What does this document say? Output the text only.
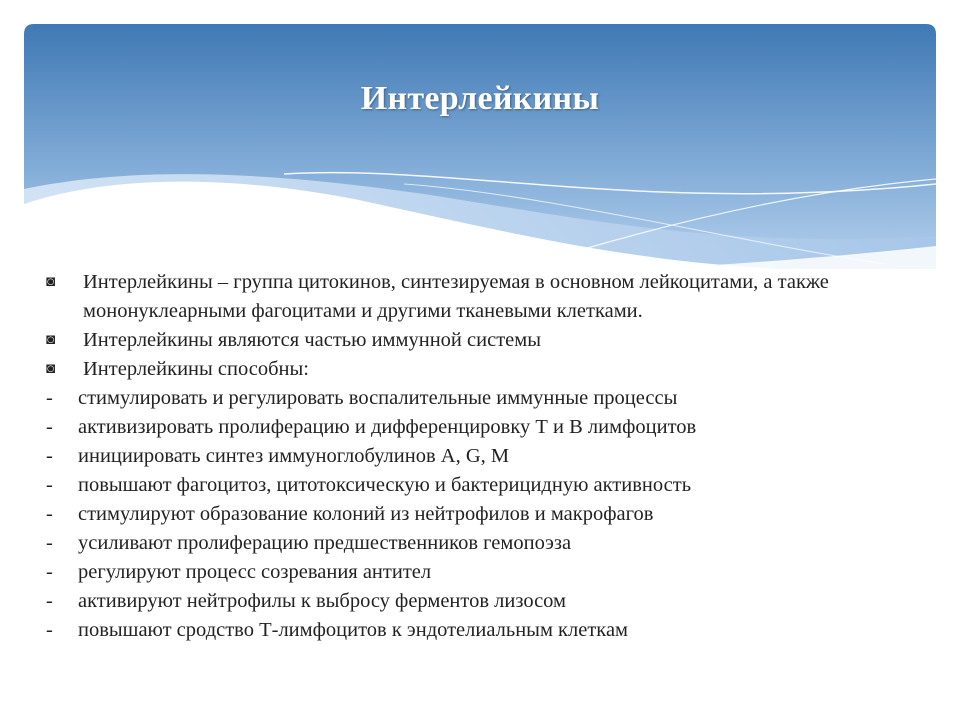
Интерлейкины
◙	Интерлейкины – группа цитокинов, синтезируемая в основном лейкоцитами, а также мононуклеарными фагоцитами и другими тканевыми клетками.
◙	Интерлейкины являются частью иммунной системы
◙	Интерлейкины способны:
-	стимулировать и регулировать воспалительные иммунные процессы
-	активизировать пролиферацию и дифференцировку Т и В лимфоцитов
-	инициировать синтез иммуноглобулинов А, G, М
-	повышают фагоцитоз, цитотоксическую и бактерицидную активность
-	стимулируют образование колоний из нейтрофилов и макрофагов
-	усиливают пролиферацию предшественников гемопоэза
-	регулируют процесс созревания антител
-	активируют нейтрофилы к выбросу ферментов лизосом
-	повышают сродство Т-лимфоцитов к эндотелиальным клеткам
